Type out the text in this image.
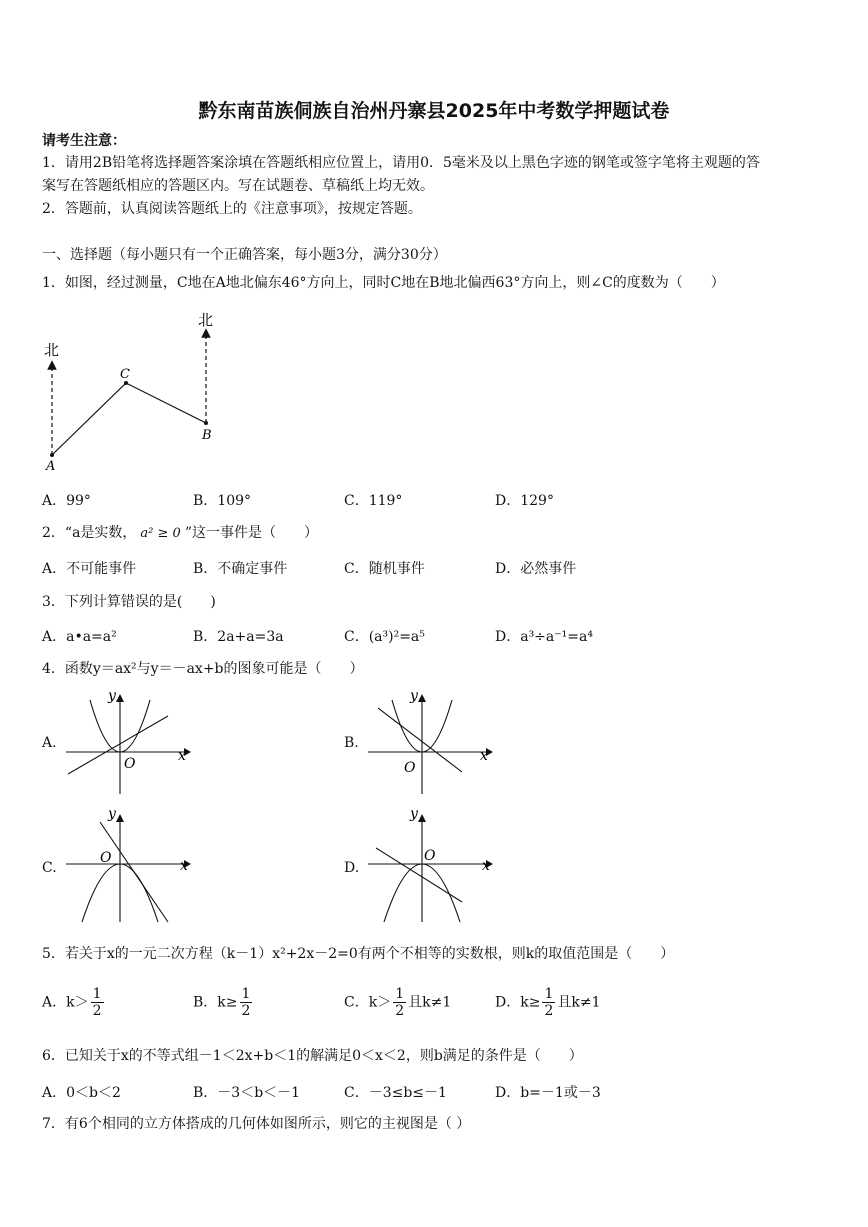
黔东南苗族侗族自治州丹寨县2025年中考数学押题试卷
请考生注意：
1．请用2B铅笔将选择题答案涂填在答题纸相应位置上，请用0．5毫米及以上黑色字迹的钢笔或签字笔将主观题的答
案写在答题纸相应的答题区内。写在试题卷、草稿纸上均无效。
2．答题前，认真阅读答题纸上的《注意事项》，按规定答题。
一、选择题（每小题只有一个正确答案，每小题3分，满分30分）
1．如图，经过测量，C地在A地北偏东46°方向上，同时C地在B地北偏西63°方向上，则∠C的度数为（　　）
北
北
A
B
C
A．99°	B．109°	C．119°	D．129°
2．“a是实数， a² ≥ 0 ”这一事件是（　　）
A．不可能事件	B．不确定事件	C．随机事件	D．必然事件
3．下列计算错误的是(　　)
A．a•a=a²	B．2a+a=3a	C．(a³)²=a⁵	D．a³÷a⁻¹=a⁴
4．函数y＝ax²与y＝－ax+b的图象可能是（　　）
A.
x
y
O
B.
x
y
O
C.	x
y
O
D.	x
y
O
5．若关于x的一元二次方程（k－1）x²+2x－2=0有两个不相等的实数根，则k的取值范围是（　　）
A．$k> \frac{1}{2}$	B．$k\ge \frac{1}{2}$	C．$k> \frac{1}{2}$ 且k≠1	D．$k\ge \frac{1}{2}$ 且k≠1
6．已知关于x的不等式组－1＜2x+b＜1的解满足0＜x＜2，则b满足的条件是（　　）
A．0＜b＜2	B．－3＜b＜－1	C．－3≤b≤－1	D．b=－1或－3
7．有6个相同的立方体搭成的几何体如图所示，则它的主视图是（ ）
